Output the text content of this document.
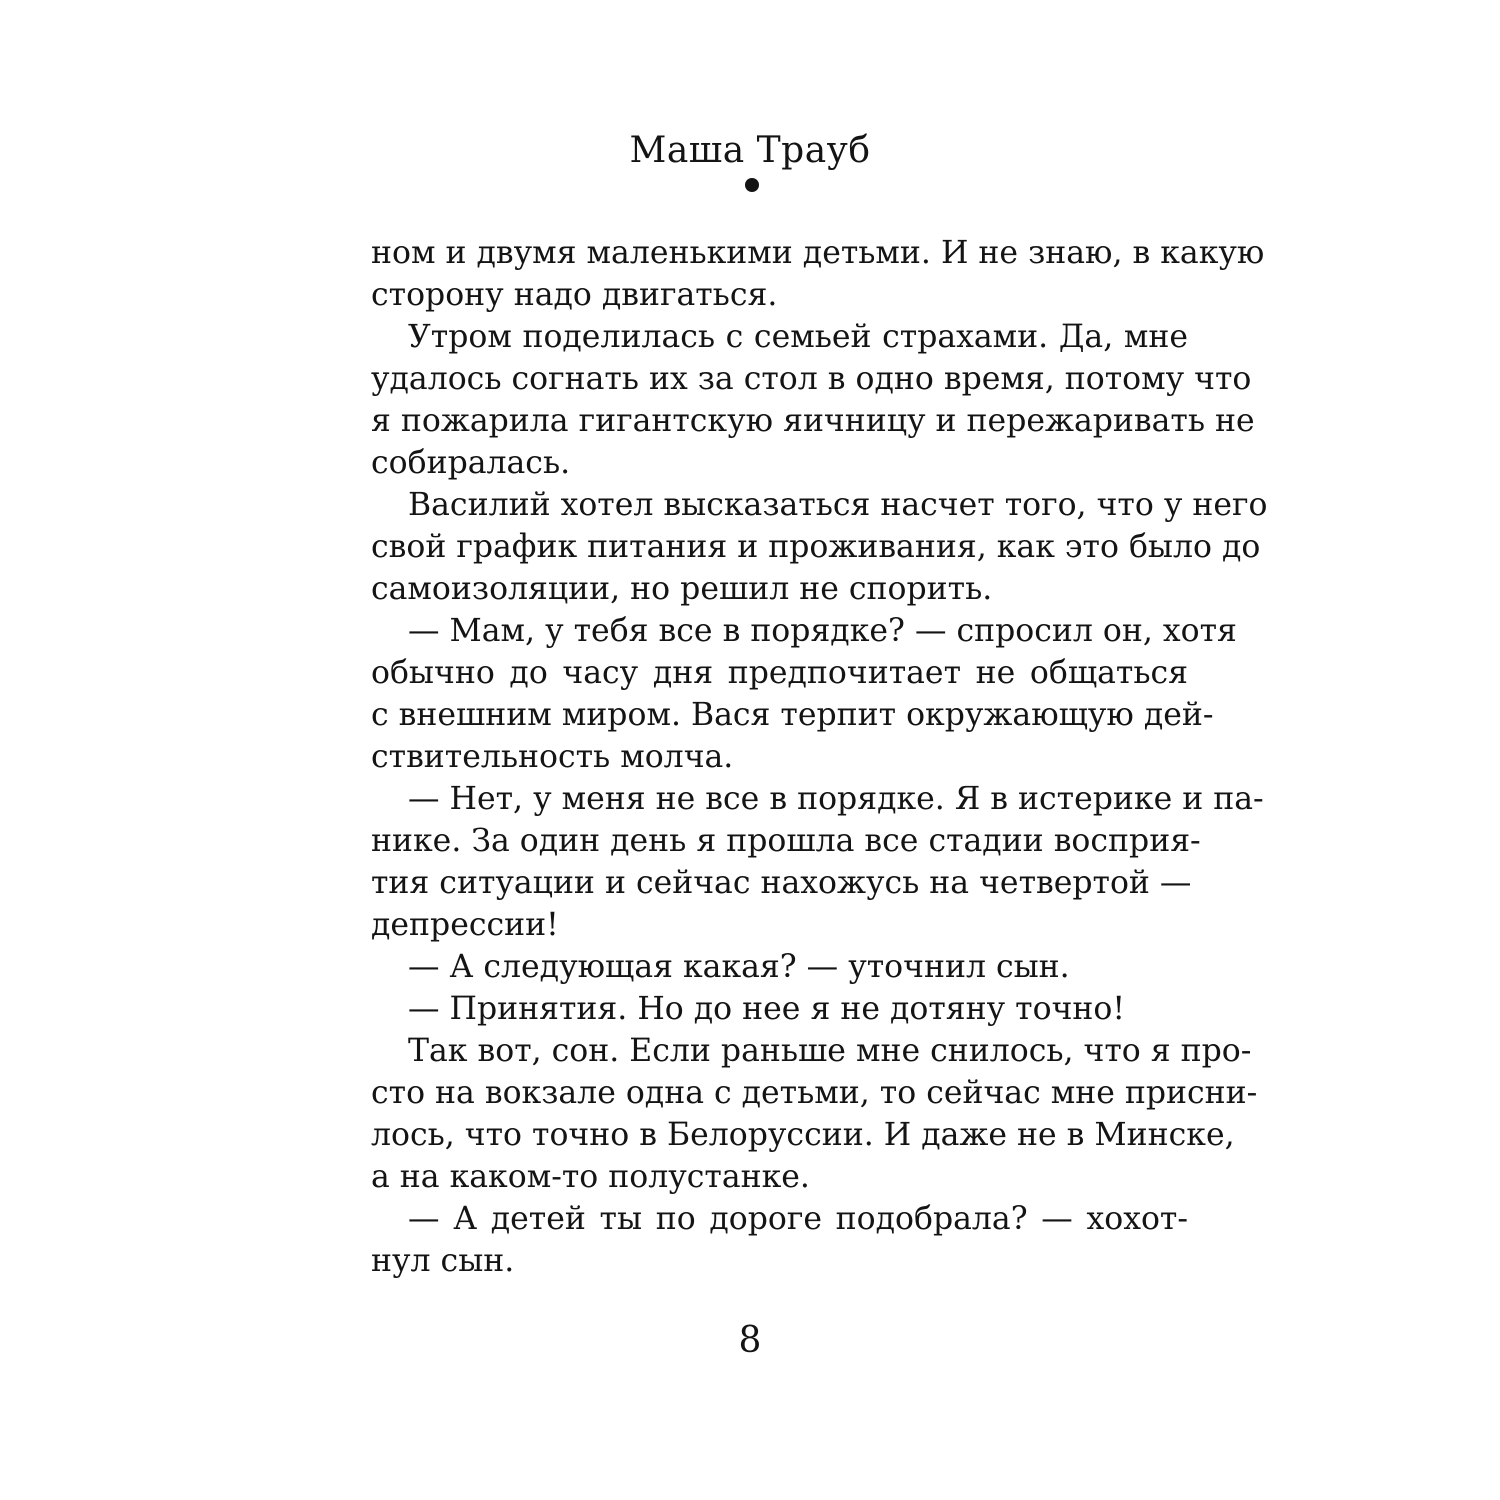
Маша Трауб
ном и двумя маленькими детьми. И не знаю, в какую
сторону надо двигаться.
Утром поделилась с семьей страхами. Да, мне
удалось согнать их за стол в одно время, потому что
я пожарила гигантскую яичницу и пережаривать не
собиралась.
Василий хотел высказаться насчет того, что у него
свой график питания и проживания, как это было до
самоизоляции, но решил не спорить.
— Мам, у тебя все в порядке? — спросил он, хотя
обычно до часу дня предпочитает не общаться
с внешним миром. Вася терпит окружающую дей-
ствительность молча.
— Нет, у меня не все в порядке. Я в истерике и па-
нике. За один день я прошла все стадии восприя-
тия ситуации и сейчас нахожусь на четвертой —
депрессии!
— А следующая какая? — уточнил сын.
— Принятия. Но до нее я не дотяну точно!
Так вот, сон. Если раньше мне снилось, что я про-
сто на вокзале одна с детьми, то сейчас мне присни-
лось, что точно в Белоруссии. И даже не в Минске,
а на каком-то полустанке.
— А детей ты по дороге подобрала? — хохот-
нул сын.
8
